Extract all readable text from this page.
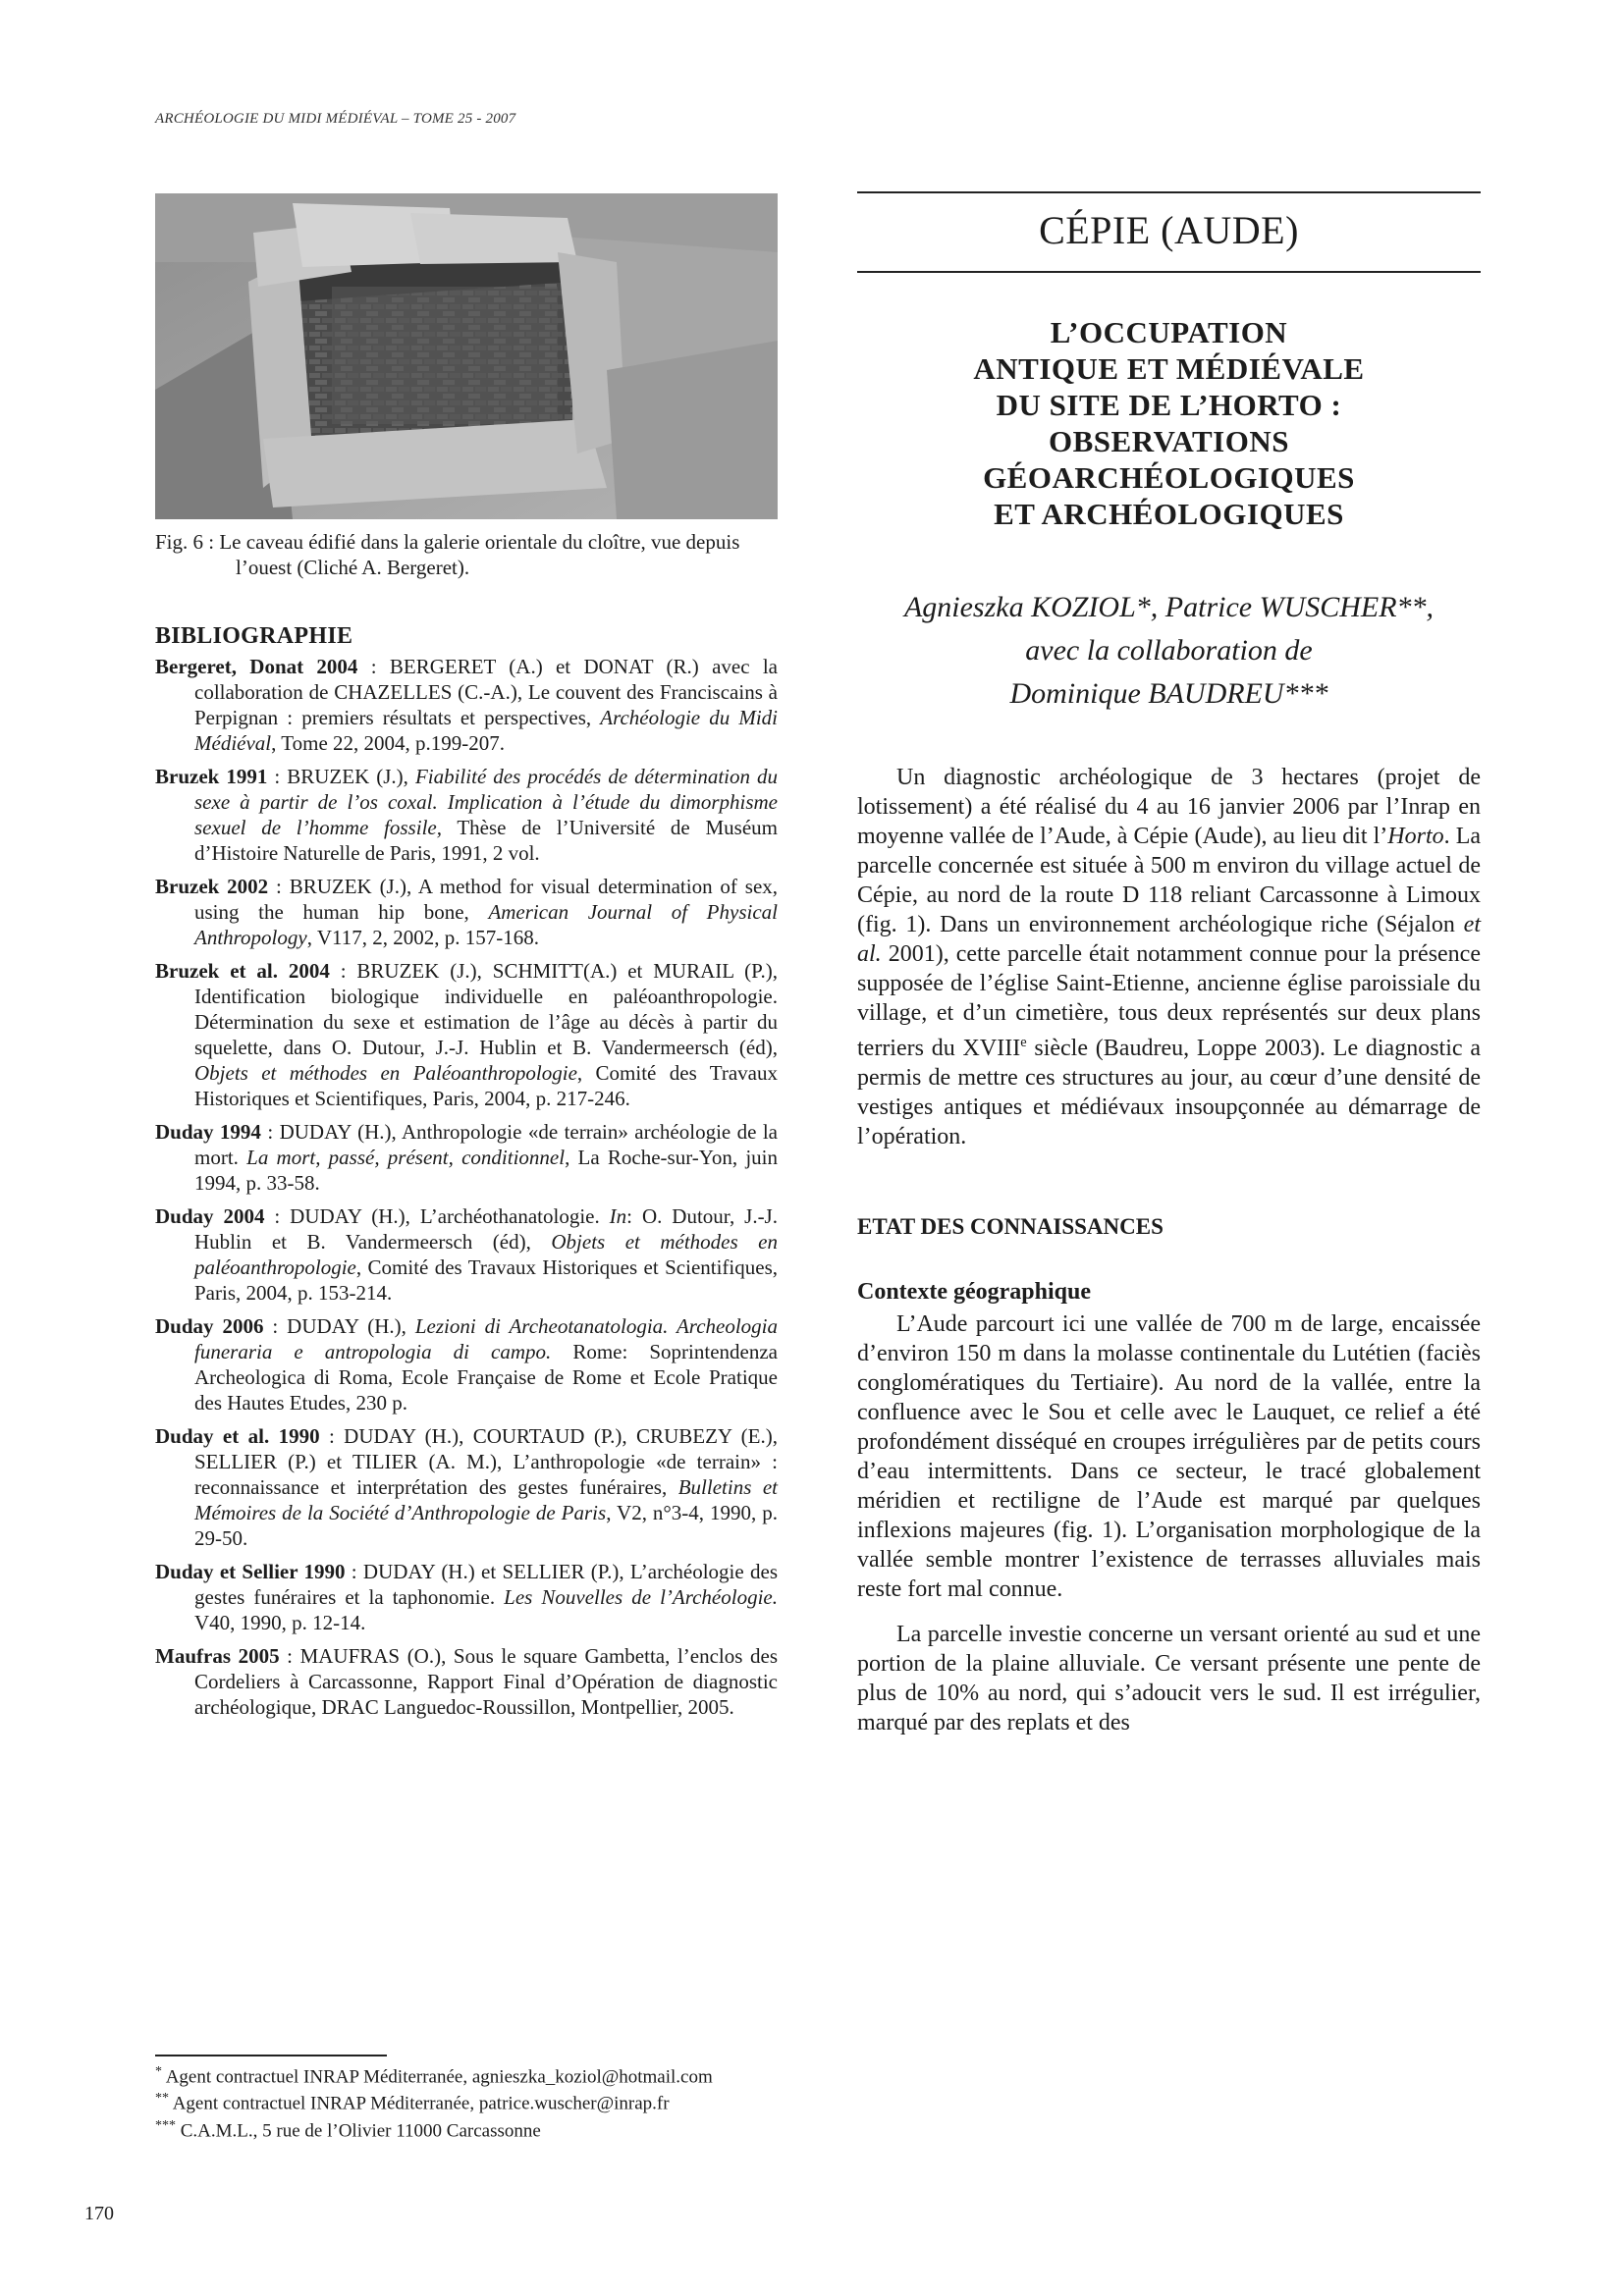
ARCHÉOLOGIE DU MIDI MÉDIÉVAL – TOME 25 - 2007
Fig. 6 : Le caveau édifié dans la galerie orientale du cloître, vue depuis l’ouest (Cliché A. Bergeret).
BIBLIOGRAPHIE
Bergeret, Donat 2004 : BERGERET (A.) et DONAT (R.) avec la collaboration de CHAZELLES (C.-A.), Le couvent des Franciscains à Perpignan : premiers résultats et perspectives, Archéologie du Midi Médiéval, Tome 22, 2004, p.199-207.
Bruzek 1991 : BRUZEK (J.), Fiabilité des procédés de détermination du sexe à partir de l’os coxal. Implication à l’étude du dimorphisme sexuel de l’homme fossile, Thèse de l’Université de Muséum d’Histoire Naturelle de Paris, 1991, 2 vol.
Bruzek 2002 : BRUZEK (J.), A method for visual determination of sex, using the human hip bone, American Journal of Physical Anthropology, V117, 2, 2002, p. 157-168.
Bruzek et al. 2004 : BRUZEK (J.), SCHMITT(A.) et MURAIL (P.), Identification biologique individuelle en paléoanthropologie. Détermination du sexe et estimation de l’âge au décès à partir du squelette, dans O. Dutour, J.-J. Hublin et B. Vandermeersch (éd), Objets et méthodes en Paléoanthropologie, Comité des Travaux Historiques et Scientifiques, Paris, 2004, p. 217-246.
Duday 1994 : DUDAY (H.), Anthropologie «de terrain» archéologie de la mort. La mort, passé, présent, conditionnel, La Roche-sur-Yon, juin 1994, p. 33-58.
Duday 2004 : DUDAY (H.), L’archéothanatologie. In: O. Dutour, J.-J. Hublin et B. Vandermeersch (éd), Objets et méthodes en paléoanthropologie, Comité des Travaux Historiques et Scientifiques, Paris, 2004, p. 153-214.
Duday 2006 : DUDAY (H.), Lezioni di Archeotanatologia. Archeologia funeraria e antropologia di campo. Rome: Soprintendenza Archeologica di Roma, Ecole Française de Rome et Ecole Pratique des Hautes Etudes, 230 p.
Duday et al. 1990 : DUDAY (H.), COURTAUD (P.), CRUBEZY (E.), SELLIER (P.) et TILIER (A. M.), L’anthropologie «de terrain» : reconnaissance et interprétation des gestes funéraires, Bulletins et Mémoires de la Société d’Anthropologie de Paris, V2, n°3-4, 1990, p. 29-50.
Duday et Sellier 1990 : DUDAY (H.) et SELLIER (P.), L’archéologie des gestes funéraires et la taphonomie. Les Nouvelles de l’Archéologie. V40, 1990, p. 12-14.
Maufras 2005 : MAUFRAS (O.), Sous le square Gambetta, l’enclos des Cordeliers à Carcassonne, Rapport Final d’Opération de diagnostic archéologique, DRAC Languedoc-Roussillon, Montpellier, 2005.
CÉPIE (AUDE)
L’OCCUPATION
ANTIQUE ET MÉDIÉVALE
DU SITE DE L’HORTO :
OBSERVATIONS
GÉOARCHÉOLOGIQUES
ET ARCHÉOLOGIQUES
Agnieszka KOZIOL*, Patrice WUSCHER**,
avec la collaboration de
Dominique BAUDREU***

Un diagnostic archéologique de 3 hectares (projet de lotissement) a été réalisé du 4 au 16 janvier 2006 par l’Inrap en moyenne vallée de l’Aude, à Cépie (Aude), au lieu dit l’Horto. La parcelle concernée est située à 500 m environ du village actuel de Cépie, au nord de la route D 118 reliant Carcassonne à Limoux (fig. 1). Dans un environnement archéologique riche (Séjalon et al. 2001), cette parcelle était notamment connue pour la présence supposée de l’église Saint-Etienne, ancienne église paroissiale du village, et d’un cimetière, tous deux représentés sur deux plans terriers du XVIIIe siècle (Baudreu, Loppe 2003). Le diagnostic a permis de mettre ces structures au jour, au cœur d’une densité de vestiges antiques et médiévaux insoupçonnée au démarrage de l’opération.

ETAT DES CONNAISSANCES
Contexte géographique

L’Aude parcourt ici une vallée de 700 m de large, encaissée d’environ 150 m dans la molasse continentale du Lutétien (faciès conglomératiques du Tertiaire). Au nord de la vallée, entre la confluence avec le Sou et celle avec le Lauquet, ce relief a été profondément disséqué en croupes irrégulières par de petits cours d’eau intermittents. Dans ce secteur, le tracé globalement méridien et rectiligne de l’Aude est marqué par quelques inflexions majeures (fig. 1). L’organisation morphologique de la vallée semble montrer l’existence de terrasses alluviales mais reste fort mal connue.

La parcelle investie concerne un versant orienté au sud et une portion de la plaine alluviale. Ce versant présente une pente de plus de 10% au nord, qui s’adoucit vers le sud. Il est irrégulier, marqué par des replats et des

* Agent contractuel INRAP Méditerranée, agnieszka_koziol@hotmail.com
** Agent contractuel INRAP Méditerranée, patrice.wuscher@inrap.fr
*** C.A.M.L., 5 rue de l’Olivier 11000 Carcassonne
170
